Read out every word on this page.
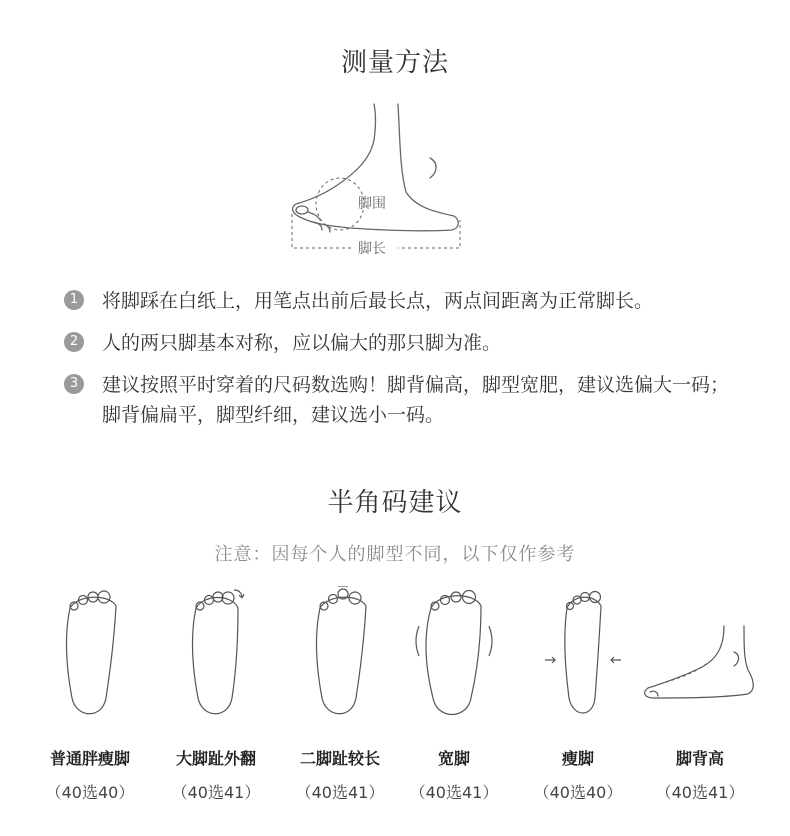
测量方法
脚围
脚长
1	将脚踩在白纸上，用笔点出前后最长点，两点间距离为正常脚长。
2	人的两只脚基本对称，应以偏大的那只脚为准。
3	建议按照平时穿着的尺码数选购！脚背偏高，脚型宽肥，建议选偏大一码；脚背偏扁平，脚型纤细，建议选小一码。
半角码建议
注意：因每个人的脚型不同，以下仅作参考
普通胖瘦脚
（40选40）
大脚趾外翻
（40选41）
二脚趾较长
（40选41）
宽脚
（40选41）
瘦脚
（40选40）
脚背高
（40选41）
